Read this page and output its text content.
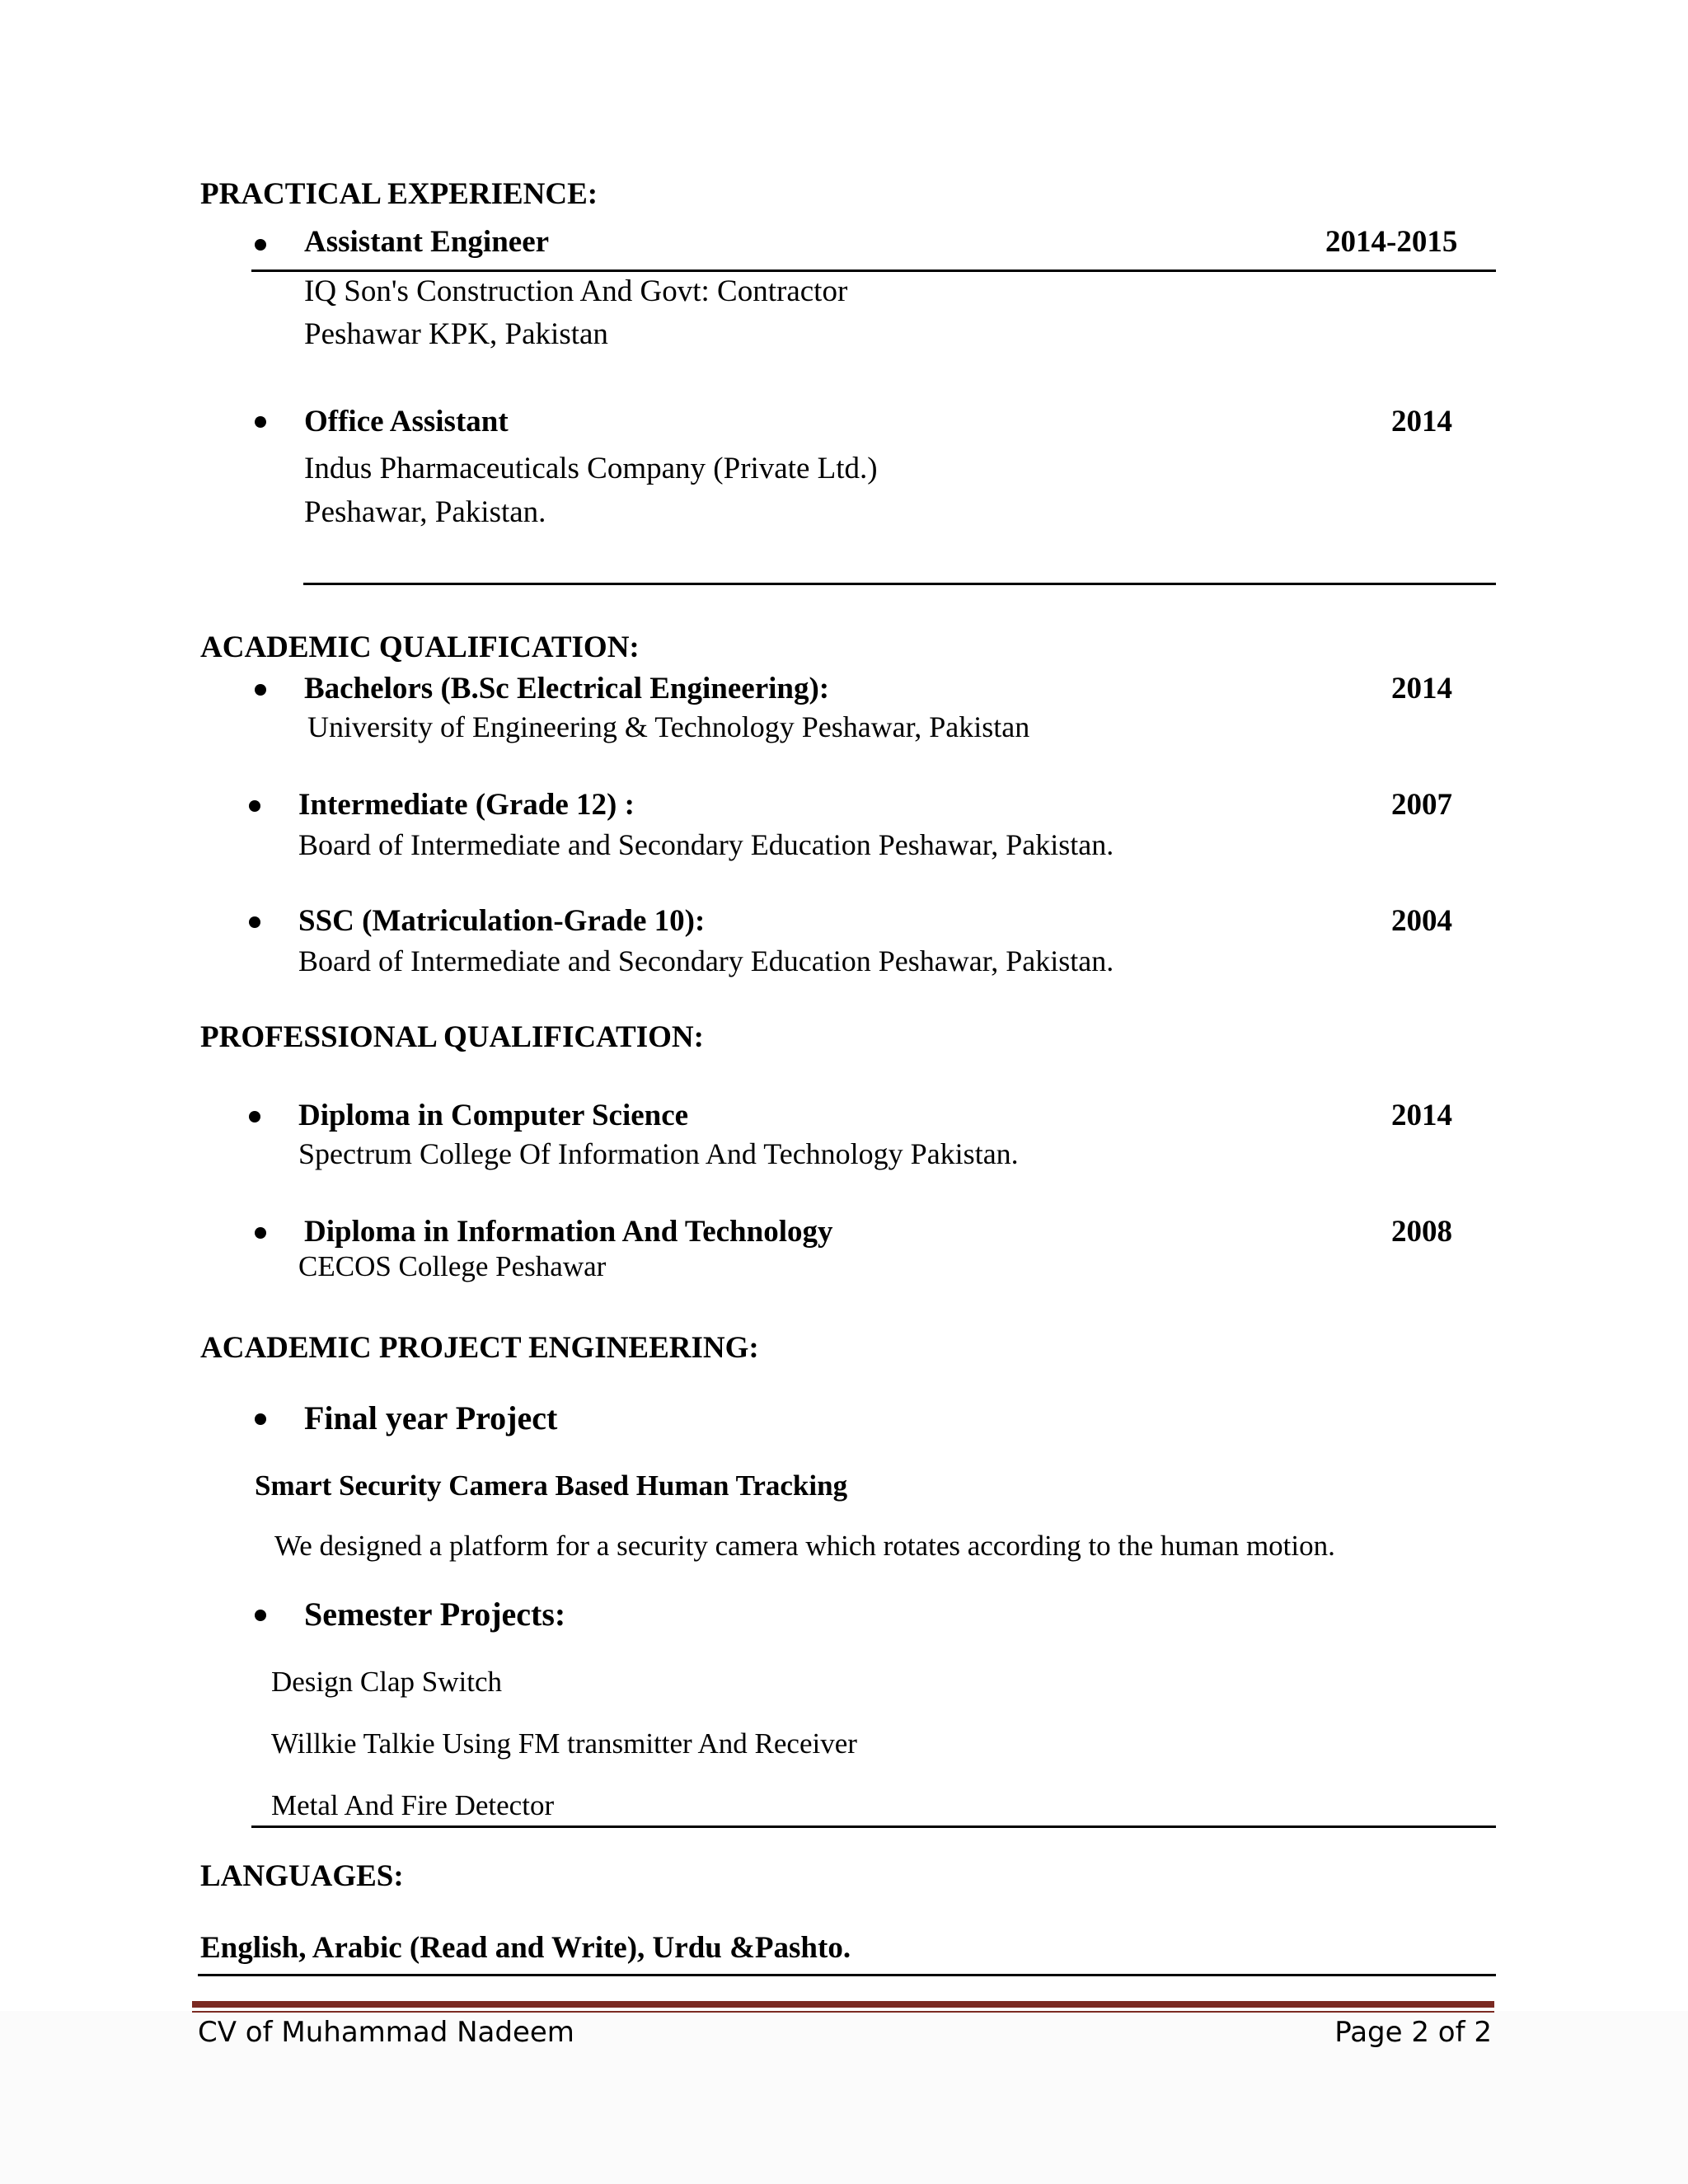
PRACTICAL EXPERIENCE:
Assistant Engineer	2014-2015
IQ Son's Construction And Govt: Contractor
Peshawar KPK, Pakistan
Office Assistant	2014
Indus Pharmaceuticals Company (Private Ltd.)
Peshawar, Pakistan.
ACADEMIC QUALIFICATION:
Bachelors (B.Sc Electrical Engineering):	2014
University of Engineering & Technology Peshawar, Pakistan
Intermediate (Grade 12) :	2007
Board of Intermediate and Secondary Education Peshawar, Pakistan.
SSC (Matriculation-Grade 10):	2004
Board of Intermediate and Secondary Education Peshawar, Pakistan.
PROFESSIONAL QUALIFICATION:
Diploma in Computer Science	2014
Spectrum College Of Information And Technology Pakistan.
Diploma in Information And Technology	2008
CECOS College Peshawar
ACADEMIC PROJECT ENGINEERING:
Final year Project
Smart Security Camera Based Human Tracking
We designed a platform for a security camera which rotates according to the human motion.
Semester Projects:
Design Clap Switch
Willkie Talkie Using FM transmitter And Receiver
Metal And Fire Detector
LANGUAGES:
English, Arabic (Read and Write), Urdu &Pashto.
CV of Muhammad Nadeem	Page 2 of 2
